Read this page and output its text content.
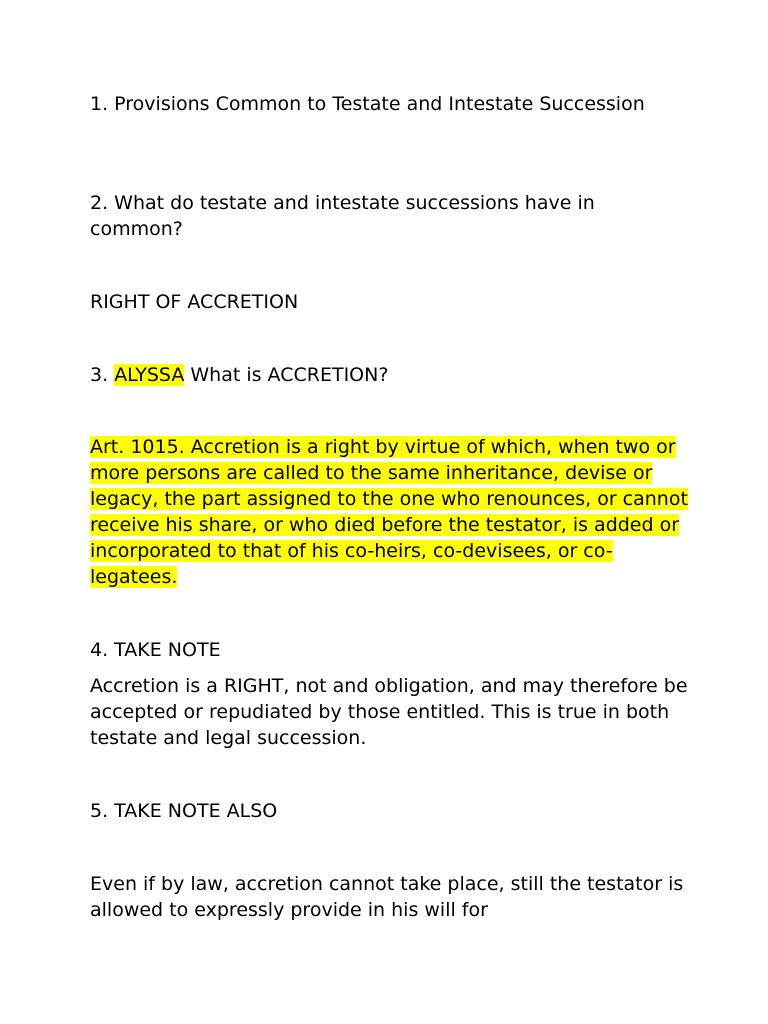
1. Provisions Common to Testate and Intestate Succession

2. What do testate and intestate successions have in common?

RIGHT OF ACCRETION

3. ALYSSA What is ACCRETION?

Art. 1015. Accretion is a right by virtue of which, when two or more persons are called to the same inheritance, devise or legacy, the part assigned to the one who renounces, or cannot receive his share, or who died before the testator, is added or incorporated to that of his co-heirs, co-devisees, or co-legatees.

4. TAKE NOTE

Accretion is a RIGHT, not and obligation, and may therefore be accepted or repudiated by those entitled. This is true in both testate and legal succession.

5. TAKE NOTE ALSO

Even if by law, accretion cannot take place, still the testator is allowed to expressly provide in his will for
